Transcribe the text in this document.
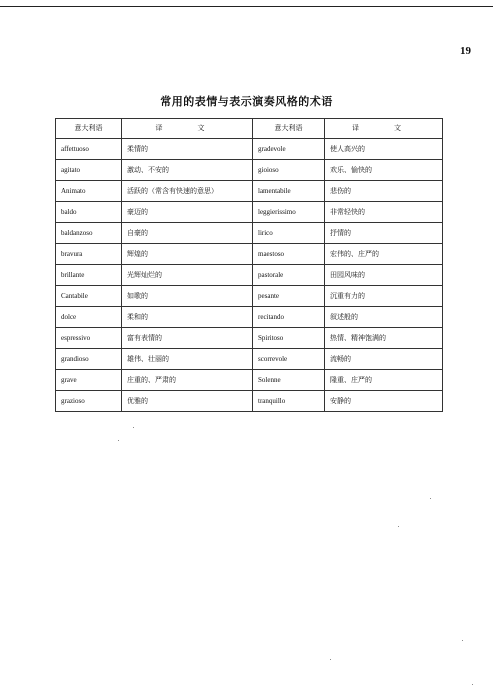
19
常用的表情与表示演奏风格的术语
意大利语	译　文	意大利语	译　文
affettuoso	柔情的	gradevole	使人高兴的
agitato	激动、不安的	gioioso	欢乐、愉快的
Animato	活跃的（常含有快速的意思）	lamentabile	悲伤的
baldo	豪迈的	leggierissimo	非常轻快的
baldanzoso	自豪的	lirico	抒情的
bravura	辉煌的	maestoso	宏伟的、庄严的
brillante	光辉灿烂的	pastorale	田园风味的
Cantabile	如歌的	pesante	沉重有力的
dolce	柔和的	recitando	叙述般的
espressivo	富有表情的	Spiritoso	热情、精神饱满的
grandioso	雄伟、壮丽的	scorrevole	流畅的
grave	庄重的、严肃的	Solenne	隆重、庄严的
grazioso	优雅的	tranquillo	安静的
